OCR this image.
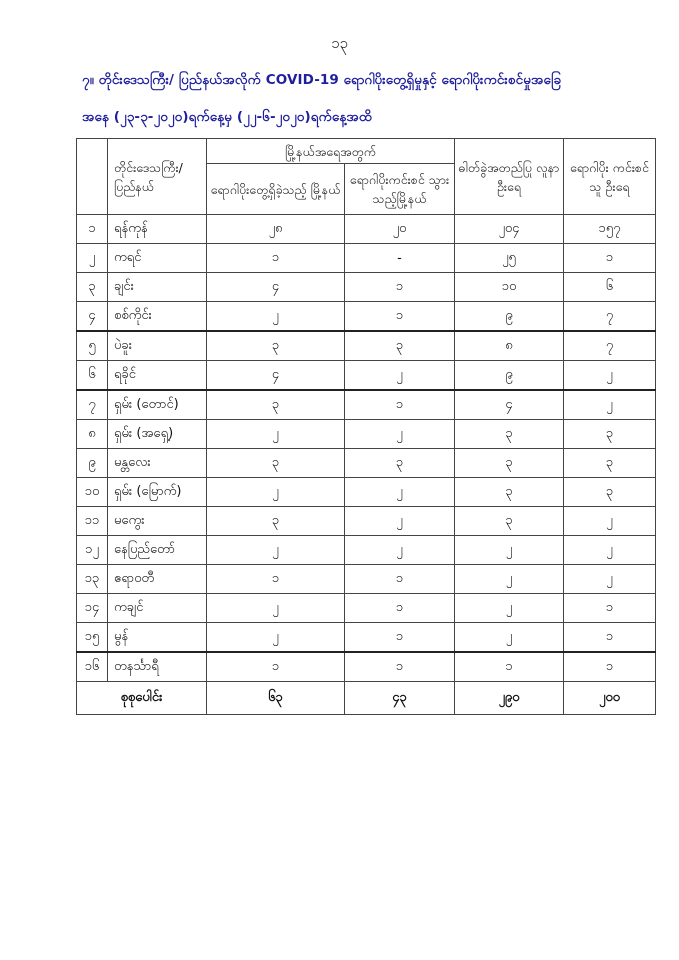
၁၃
၇။ တိုင်းဒေသကြီး/ ပြည်နယ်အလိုက် COVID-19 ရောဂါပိုးတွေ့ရှိမှုနှင့် ရောဂါပိုးကင်းစင်မှုအခြေ
အနေ (၂၃-၃-၂၀၂၀)ရက်နေ့မှ (၂၂-၆-၂၀၂၀)ရက်နေ့အထိ
	တိုင်းဒေသကြီး/ ပြည်နယ်	မြို့နယ်အရေအတွက်		ဓါတ်ခွဲအတည်ပြု လူနာ ဦးရေ	ရောဂါပိုး ကင်းစင်သူ ဦးရေ
		ရောဂါပိုးတွေ့ရှိခဲ့သည့် မြို့နယ်	ရောဂါပိုးကင်းစင် သွားသည့်မြို့နယ်		
၁	ရန်ကုန်	၂၈	၂၀	၂၀၄	၁၅၇
၂	ကရင်	၁	-	၂၅	၁
၃	ချင်း	၄	၁	၁၀	၆
၄	စစ်ကိုင်း	၂	၁	၉	၇
၅	ပဲခူး	၃	၃	၈	၇
၆	ရခိုင်	၄	၂	၉	၂
၇	ရှမ်း (တောင်)	၃	၁	၄	၂
၈	ရှမ်း (အရှေ့)	၂	၂	၃	၃
၉	မန္တလေး	၃	၃	၃	၃
၁၀	ရှမ်း (မြောက်)	၂	၂	၃	၃
၁၁	မကွေး	၃	၂	၃	၂
၁၂	နေပြည်တော်	၂	၂	၂	၂
၁၃	ဧရာဝတီ	၁	၁	၂	၂
၁၄	ကချင်	၂	၁	၂	၁
၁၅	မွန်	၂	၁	၂	၁
၁၆	တနင်္သာရီ	၁	၁	၁	၁
စုစုပေါင်း		၆၃	၄၃	၂၉၀	၂၀၀
